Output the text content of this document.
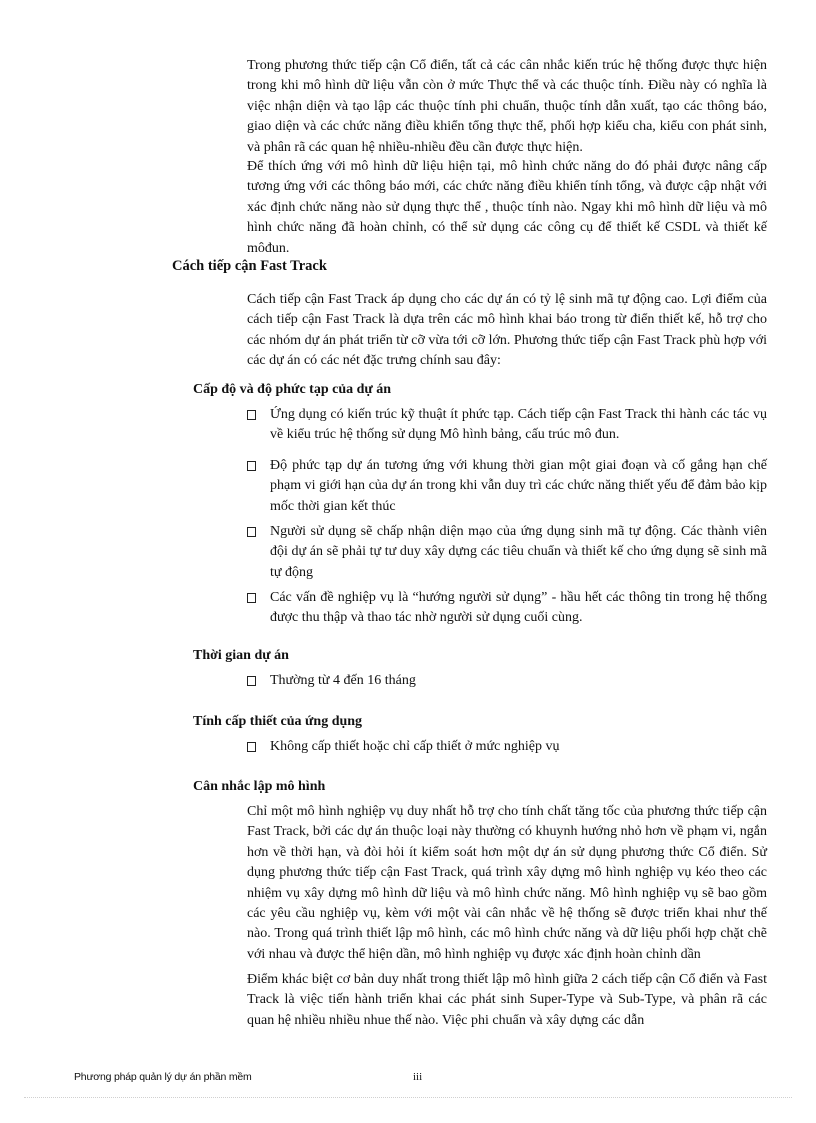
Trong phương thức tiếp cận Cổ điển, tất cả các cân nhắc kiến trúc hệ thống được thực hiện trong khi mô hình dữ liệu vẫn còn ở mức Thực thể và các thuộc tính. Điều này có nghĩa là việc nhận diện và tạo lập các thuộc tính phi chuẩn, thuộc tính dẫn xuất, tạo các thông báo, giao diện và các chức năng điều khiển tổng thực thể, phối hợp kiểu cha, kiểu con phát sinh, và phân rã các quan hệ nhiều-nhiều đều cần được thực hiện.

Để thích ứng với mô hình dữ liệu hiện tại, mô hình chức năng do đó phải được nâng cấp tương ứng với các thông báo mới, các chức năng điều khiển tính tổng, và được cập nhật với xác định chức năng nào sử dụng thực thể , thuộc tính nào. Ngay khi mô hình dữ liệu và mô hình chức năng đã hoàn chỉnh, có thể sử dụng các công cụ để thiết kế CSDL và thiết kế môđun.

Cách tiếp cận Fast Track

Cách tiếp cận Fast Track áp dụng cho các dự án có tỷ lệ sinh mã tự động cao. Lợi điểm của cách tiếp cận Fast Track là dựa trên các mô hình khai báo trong từ điển thiết kế, hỗ trợ cho các nhóm dự án phát triển từ cỡ vừa tới cỡ lớn. Phương thức tiếp cận Fast Track phù hợp với các dự án có các nét đặc trưng chính sau đây:

Cấp độ và độ phức tạp của dự án

Ứng dụng có kiến trúc kỹ thuật ít phức tạp. Cách tiếp cận Fast Track thi hành các tác vụ về kiểu trúc hệ thống sử dụng Mô hình bảng, cấu trúc mô đun.
Độ phức tạp dự án tương ứng với khung thời gian một giai đoạn và cố gắng hạn chế phạm vi giới hạn của dự án trong khi vẫn duy trì các chức năng thiết yếu để đảm bảo kịp mốc thời gian kết thúc
Người sử dụng sẽ chấp nhận diện mạo của ứng dụng sinh mã tự động. Các thành viên đội dự án sẽ phải tự tư duy xây dựng các tiêu chuẩn và thiết kế cho ứng dụng sẽ sinh mã tự động
Các vấn đề nghiệp vụ là “hướng người sử dụng” - hầu hết các thông tin trong hệ thống được thu thập và thao tác nhờ người sử dụng cuối cùng.

Thời gian dự án

Thường từ 4 đến 16 tháng

Tính cấp thiết của ứng dụng

Không cấp thiết hoặc chỉ cấp thiết ở mức nghiệp vụ

Cân nhắc lập mô hình

Chỉ một mô hình nghiệp vụ duy nhất hỗ trợ cho tính chất tăng tốc của phương thức tiếp cận Fast Track, bởi các dự án thuộc loại này thường có khuynh hướng nhỏ hơn về phạm vi, ngắn hơn về thời hạn, và đòi hỏi ít kiểm soát hơn một dự án sử dụng phương thức Cổ điển. Sử dụng phương thức tiếp cận Fast Track, quá trình xây dựng mô hình nghiệp vụ kéo theo các nhiệm vụ xây dựng mô hình dữ liệu và mô hình chức năng. Mô hình nghiệp vụ sẽ bao gồm các yêu cầu nghiệp vụ, kèm với một vài cân nhắc về hệ thống sẽ được triển khai như thế nào. Trong quá trình thiết lập mô hình, các mô hình chức năng và dữ liệu phối hợp chặt chẽ với nhau và được thể hiện dần, mô hình nghiệp vụ được xác định hoàn chỉnh dần

Điểm khác biệt cơ bản duy nhất trong thiết lập mô hình giữa 2 cách tiếp cận Cổ điển và Fast Track là việc tiến hành triển khai các phát sinh Super-Type và Sub-Type, và phân rã các quan hệ nhiều nhiều nhue thế nào. Việc phi chuẩn và xây dựng các dẫn

Phương pháp quản lý dự án phần mềm	iii
